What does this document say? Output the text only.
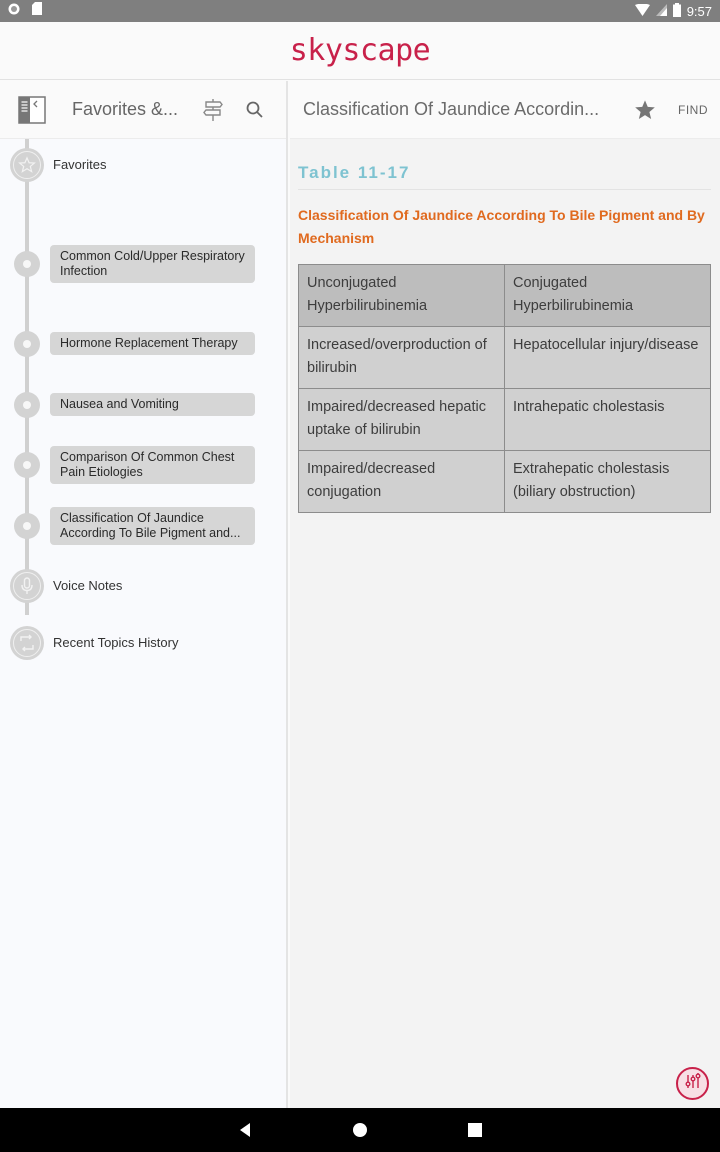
9:57
skyscape
Favorites &...
Favorites
Common Cold/Upper Respiratory Infection
Hormone Replacement Therapy
Nausea and Vomiting
Comparison Of Common Chest Pain Etiologies
Classification Of Jaundice According To Bile Pigment and...
Voice Notes
Recent Topics History
Classification Of Jaundice Accordin...	FIND
Table 11-17
Classification Of Jaundice According To Bile Pigment and By Mechanism
Unconjugated Hyperbilirubinemia	Conjugated Hyperbilirubinemia
Increased/overproduction of bilirubin	Hepatocellular injury/disease
Impaired/decreased hepatic uptake of bilirubin	Intrahepatic cholestasis
Impaired/decreased conjugation	Extrahepatic cholestasis (biliary obstruction)
